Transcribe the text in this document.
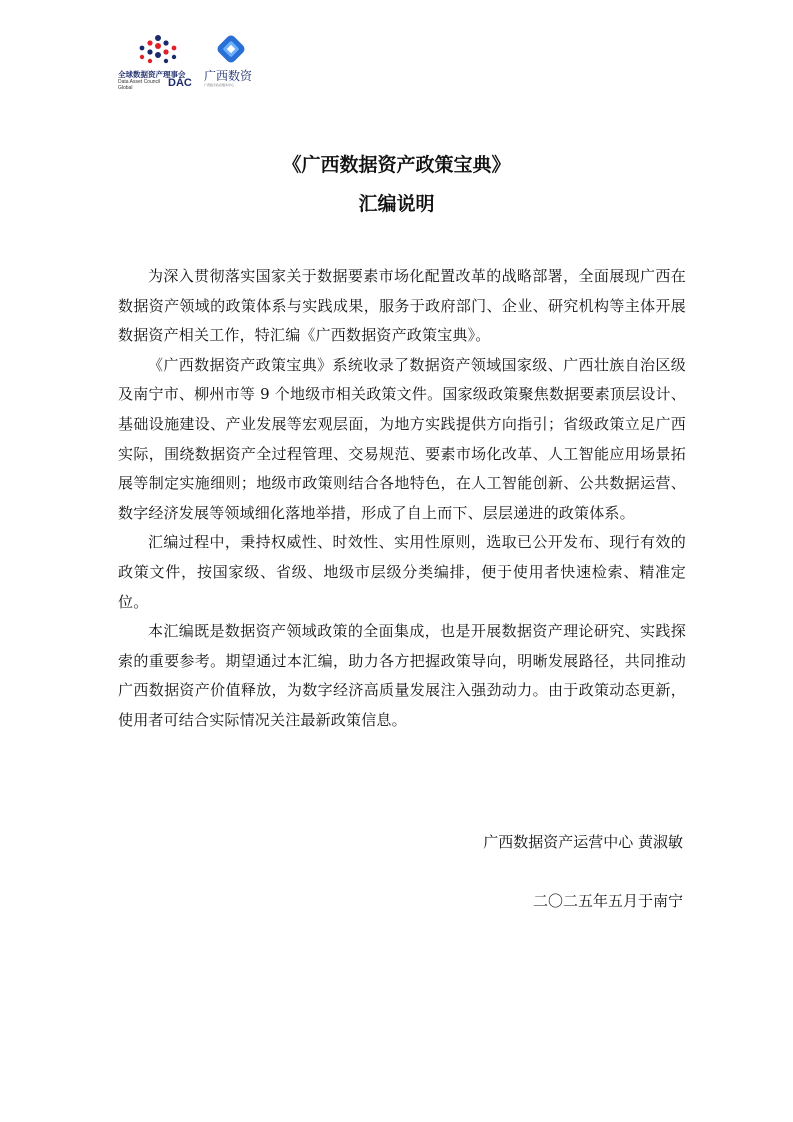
全球数据资产理事会
Data Asset Council
Global	DAC 广西数资
广西数字政府服务中心
《广西数据资产政策宝典》
汇编说明

为深入贯彻落实国家关于数据要素市场化配置改革的战略部署，全面展现广西在数据资产领域的政策体系与实践成果，服务于政府部门、企业、研究机构等主体开展数据资产相关工作，特汇编《广西数据资产政策宝典》。

《广西数据资产政策宝典》系统收录了数据资产领域国家级、广西壮族自治区级及南宁市、柳州市等 9 个地级市相关政策文件。国家级政策聚焦数据要素顶层设计、基础设施建设、产业发展等宏观层面，为地方实践提供方向指引；省级政策立足广西实际，围绕数据资产全过程管理、交易规范、要素市场化改革、人工智能应用场景拓展等制定实施细则；地级市政策则结合各地特色，在人工智能创新、公共数据运营、数字经济发展等领域细化落地举措，形成了自上而下、层层递进的政策体系。

汇编过程中，秉持权威性、时效性、实用性原则，选取已公开发布、现行有效的政策文件，按国家级、省级、地级市层级分类编排，便于使用者快速检索、精准定位。

本汇编既是数据资产领域政策的全面集成，也是开展数据资产理论研究、实践探索的重要参考。期望通过本汇编，助力各方把握政策导向，明晰发展路径，共同推动广西数据资产价值释放，为数字经济高质量发展注入强劲动力。由于政策动态更新，使用者可结合实际情况关注最新政策信息。

广西数据资产运营中心 黄淑敏
二〇二五年五月于南宁
